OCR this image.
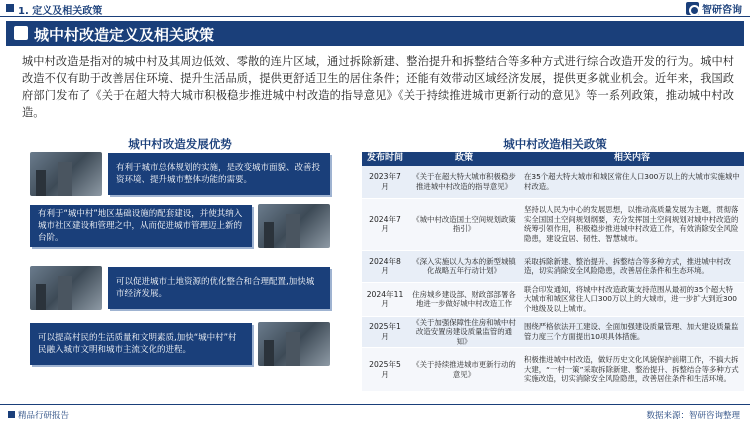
1. 定义及相关政策	智研咨询
城中村改造定义及相关政策

城中村改造是指对的城中村及其周边低效、零散的连片区域，通过拆除新建、整治提升和拆整结合等多种方式进行综合改造开发的行为。城中村改造不仅有助于改善居住环境、提升生活品质，提供更舒适卫生的居住条件；还能有效带动区域经济发展，提供更多就业机会。近年来，我国政府部门发布了《关于在超大特大城市积极稳步推进城中村改造的指导意见》《关于持续推进城市更新行动的意见》等一系列政策，推动城中村改造。

城中村改造发展优势	城中村改造相关政策
有利于城市总体规划的实施，是改变城市面貌、改善投资环境、提升城市整体功能的需要。
有利于“城中村”地区基础设施的配套建设，并使其纳入城市社区建设和管理之中，从而促进城市管理迈上新的台阶。
可以促进城市土地资源的优化整合和合理配置,加快城市经济发展。
可以提高村民的生活质量和文明素质,加快“城中村”村民融入城市文明和城市主流文化的进程。
发布时间	政策	相关内容
2023年7月	《关于在超大特大城市积极稳步推进城中村改造的指导意见》	在35个超大特大城市和城区常住人口300万以上的大城市实施城中村改造。
2024年7月	《城中村改造国土空间规划政策指引》	坚持以人民为中心的发展思想，以推动高质量发展为主题，贯彻落实全国国土空间规划纲要，充分发挥国土空间规划对城中村改造的统筹引领作用，积极稳步推进城中村改造工作，有效消除安全风险隐患，建设宜居、韧性、智慧城市。
2024年8月	《深入实施以人为本的新型城镇化战略五年行动计划》	采取拆除新建、整治提升、拆整结合等多种方式，推进城中村改造，切实消除安全风险隐患，改善居住条件和生态环境。
2024年11月	住房城乡建设部、财政部部署各地进一步做好城中村改造工作	联合印发通知，将城中村改造政策支持范围从最初的35个超大特大城市和城区常住人口300万以上的大城市，进一步扩大到近300个地级及以上城市。
2025年1月	《关于加强保障性住房和城中村改造安置房建设质量监管的通知》	围绕严格依法开工建设、全面加强建设质量管理、加大建设质量监管力度三个方面提出10项具体措施。
2025年5月	《关于持续推进城市更新行动的意见》	积极推进城中村改造，做好历史文化风貌保护前期工作，不搞大拆大建，“一村一策”采取拆除新建、整治提升、拆整结合等多种方式实施改造，切实消除安全风险隐患，改善居住条件和生活环境。
精品行研报告	数据来源：智研咨询整理
